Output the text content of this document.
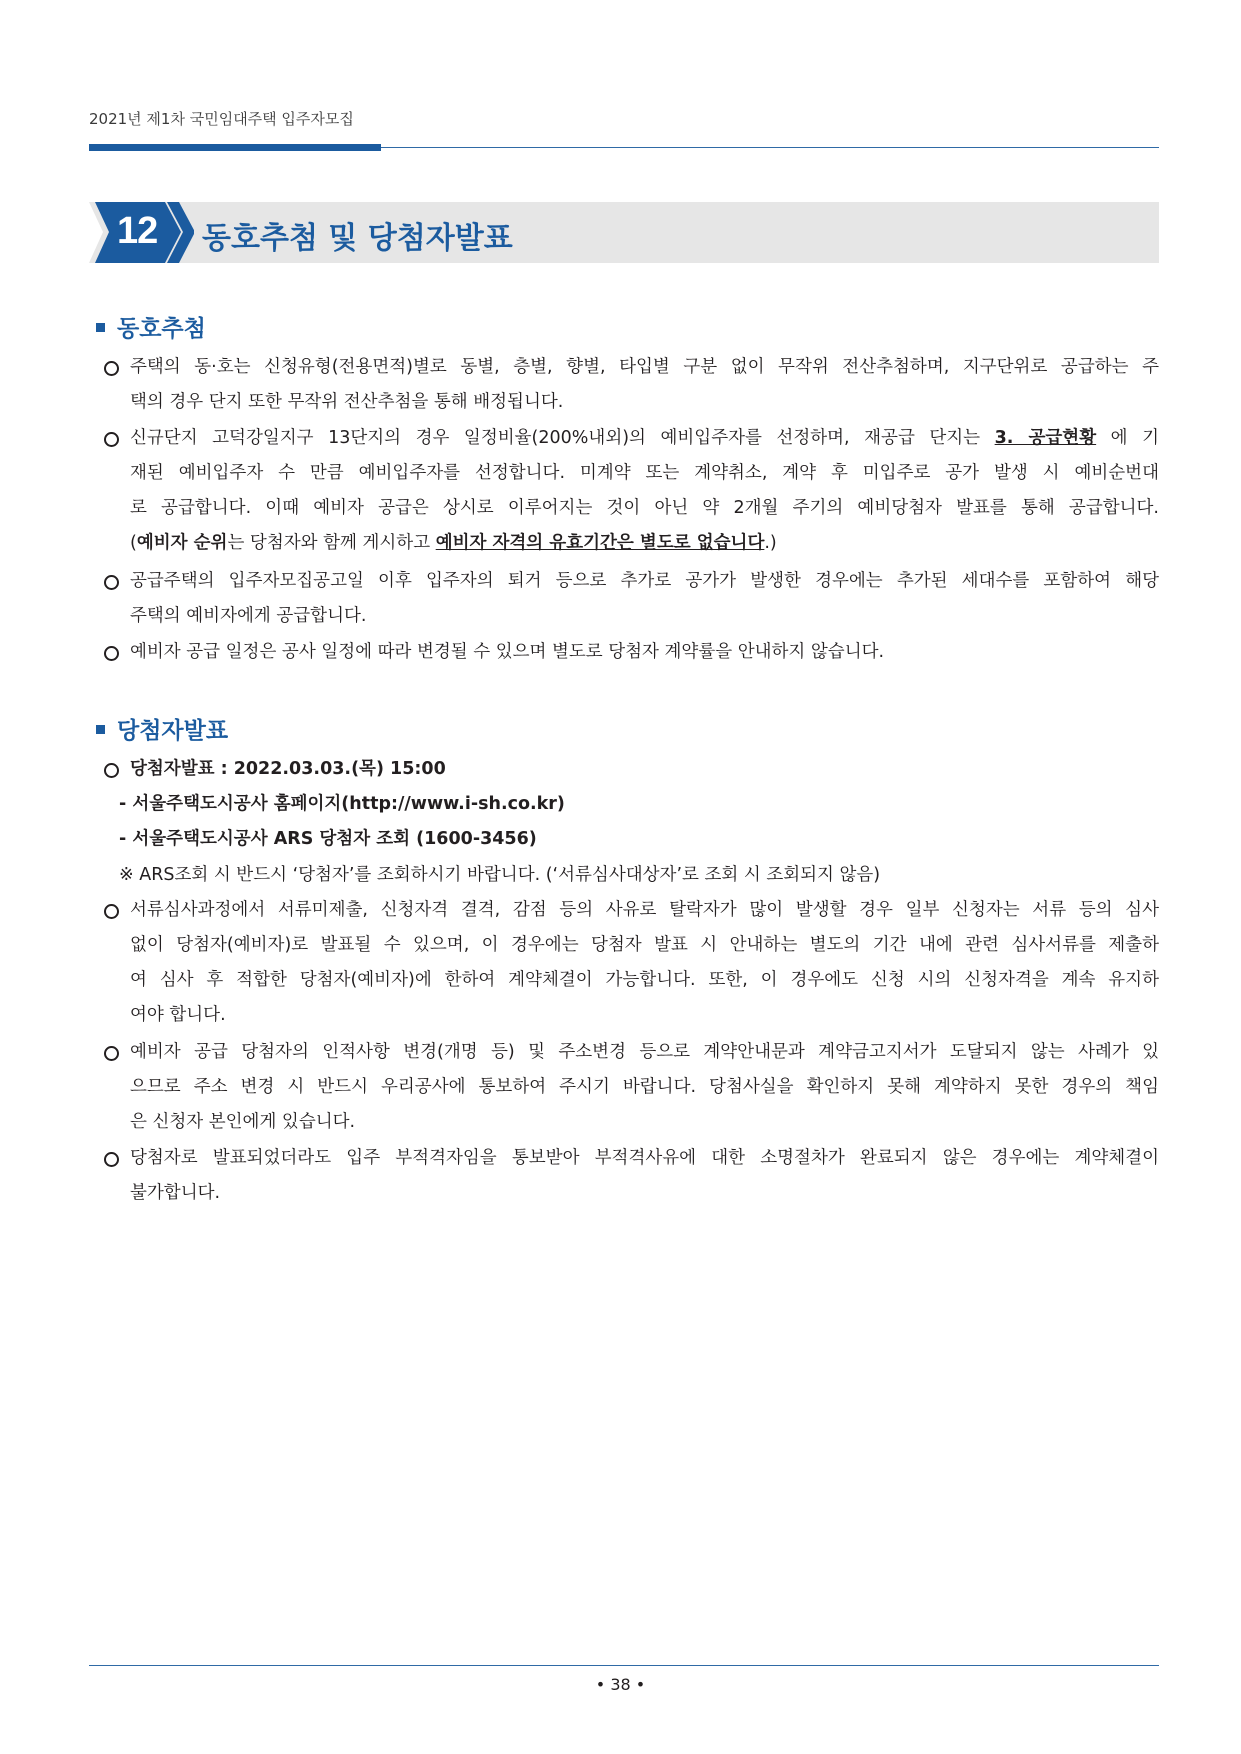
2021년 제1차 국민임대주택 입주자모집
12 동호추첨 및 당첨자발표
동호추첨
주택의 동·호는 신청유형(전용면적)별로 동별, 층별, 향별, 타입별 구분 없이 무작위 전산추첨하며, 지구단위로 공급하는 주
택의 경우 단지 또한 무작위 전산추첨을 통해 배정됩니다.
신규단지 고덕강일지구 13단지의 경우 일정비율(200%내외)의 예비입주자를 선정하며, 재공급 단지는 3. 공급현황 에 기
재된 예비입주자 수 만큼 예비입주자를 선정합니다. 미계약 또는 계약취소, 계약 후 미입주로 공가 발생 시 예비순번대
로 공급합니다. 이때 예비자 공급은 상시로 이루어지는 것이 아닌 약 2개월 주기의 예비당첨자 발표를 통해 공급합니다.
(예비자 순위는 당첨자와 함께 게시하고 예비자 자격의 유효기간은 별도로 없습니다.)
공급주택의 입주자모집공고일 이후 입주자의 퇴거 등으로 추가로 공가가 발생한 경우에는 추가된 세대수를 포함하여 해당
주택의 예비자에게 공급합니다.
예비자 공급 일정은 공사 일정에 따라 변경될 수 있으며 별도로 당첨자 계약률을 안내하지 않습니다.
당첨자발표
당첨자발표 : 2022.03.03.(목) 15:00
- 서울주택도시공사 홈페이지(http://www.i-sh.co.kr)
- 서울주택도시공사 ARS 당첨자 조회 (1600-3456)
※ ARS조회 시 반드시 ‘당첨자’를 조회하시기 바랍니다. (‘서류심사대상자’로 조회 시 조회되지 않음)
서류심사과정에서 서류미제출, 신청자격 결격, 감점 등의 사유로 탈락자가 많이 발생할 경우 일부 신청자는 서류 등의 심사
없이 당첨자(예비자)로 발표될 수 있으며, 이 경우에는 당첨자 발표 시 안내하는 별도의 기간 내에 관련 심사서류를 제출하
여 심사 후 적합한 당첨자(예비자)에 한하여 계약체결이 가능합니다. 또한, 이 경우에도 신청 시의 신청자격을 계속 유지하
여야 합니다.
예비자 공급 당첨자의 인적사항 변경(개명 등) 및 주소변경 등으로 계약안내문과 계약금고지서가 도달되지 않는 사례가 있
으므로 주소 변경 시 반드시 우리공사에 통보하여 주시기 바랍니다. 당첨사실을 확인하지 못해 계약하지 못한 경우의 책임
은 신청자 본인에게 있습니다.
당첨자로 발표되었더라도 입주 부적격자임을 통보받아 부적격사유에 대한 소명절차가 완료되지 않은 경우에는 계약체결이
불가합니다.
• 38 •
